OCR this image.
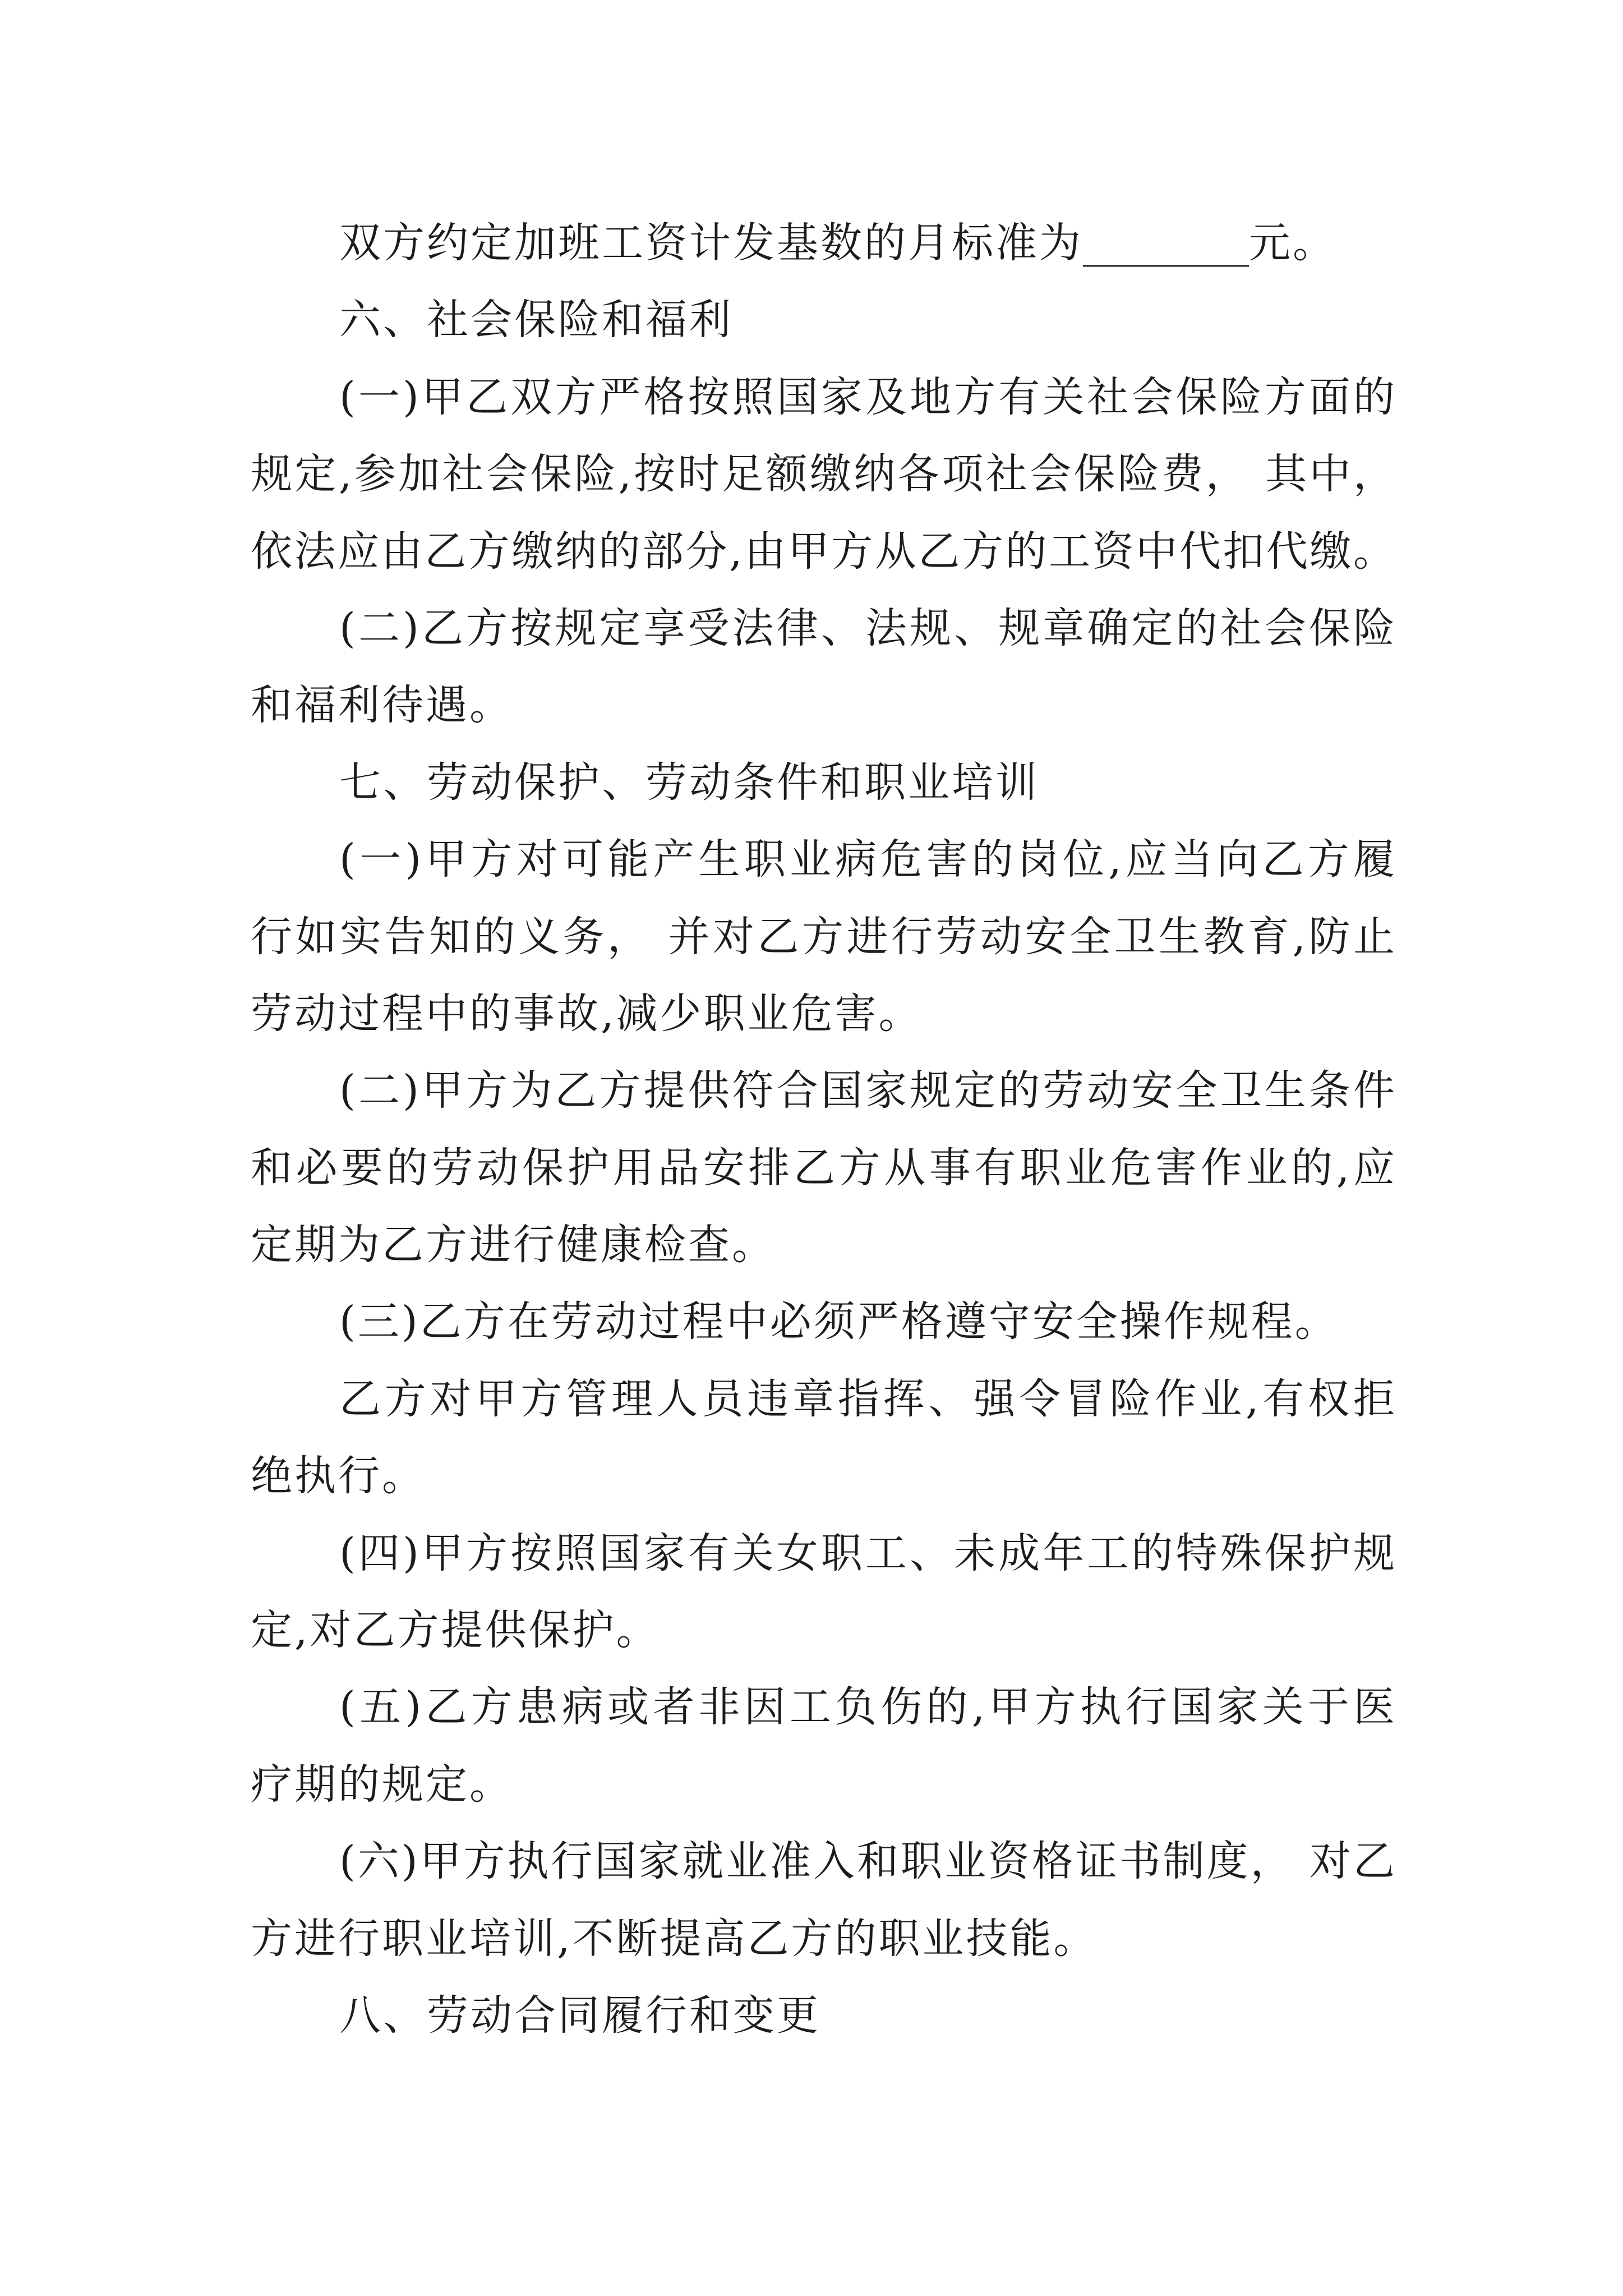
双方约定加班工资计发基数的月标准为________元。
六、社会保险和福利
(一)甲乙双方严格按照国家及地方有关社会保险方面的
规定,参加社会保险,按时足额缴纳各项社会保险费， 其中，
依法应由乙方缴纳的部分,由甲方从乙方的工资中代扣代缴。
(二)乙方按规定享受法律、法规、规章确定的社会保险
和福利待遇。
七、劳动保护、劳动条件和职业培训
(一)甲方对可能产生职业病危害的岗位,应当向乙方履
行如实告知的义务， 并对乙方进行劳动安全卫生教育,防止
劳动过程中的事故,减少职业危害。
(二)甲方为乙方提供符合国家规定的劳动安全卫生条件
和必要的劳动保护用品安排乙方从事有职业危害作业的,应
定期为乙方进行健康检查。
(三)乙方在劳动过程中必须严格遵守安全操作规程。
乙方对甲方管理人员违章指挥、强令冒险作业,有权拒
绝执行。
(四)甲方按照国家有关女职工、未成年工的特殊保护规
定,对乙方提供保护。
(五)乙方患病或者非因工负伤的,甲方执行国家关于医
疗期的规定。
(六)甲方执行国家就业准入和职业资格证书制度， 对乙
方进行职业培训,不断提高乙方的职业技能。
八、劳动合同履行和变更
